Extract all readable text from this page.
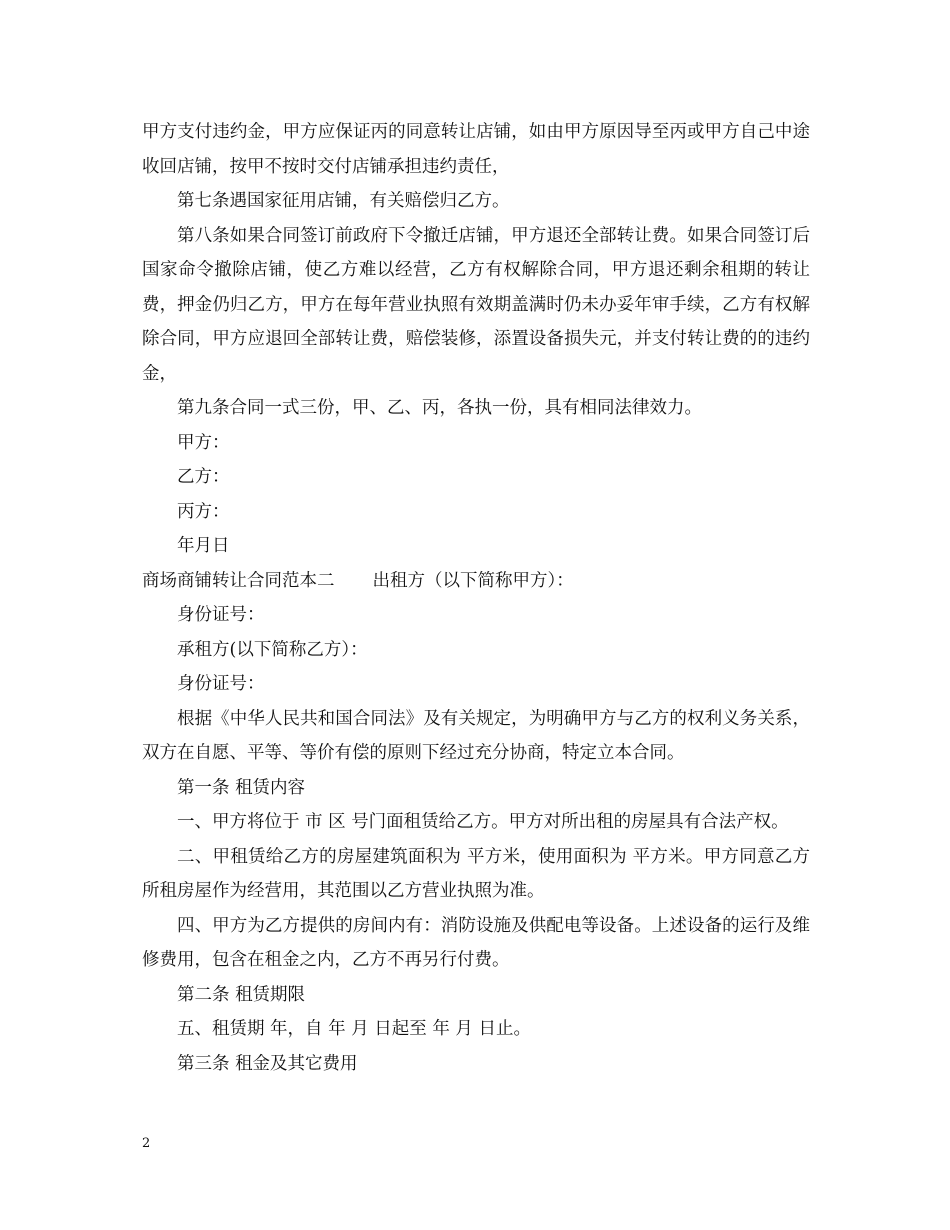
甲方支付违约金，甲方应保证丙的同意转让店铺，如由甲方原因导至丙或甲方自己中途收回店铺，按甲不按时交付店铺承担违约责任，

第七条遇国家征用店铺，有关赔偿归乙方。

第八条如果合同签订前政府下令撤迁店铺，甲方退还全部转让费。如果合同签订后国家命令撤除店铺，使乙方难以经营，乙方有权解除合同，甲方退还剩余租期的转让费，押金仍归乙方，甲方在每年营业执照有效期盖满时仍未办妥年审手续，乙方有权解除合同，甲方应退回全部转让费，赔偿装修，添置设备损失元，并支付转让费的的违约金，

第九条合同一式三份，甲、乙、丙，各执一份，具有相同法律效力。

甲方：

乙方：

丙方：

年月日

商场商铺转让合同范本二 出租方（以下简称甲方）：

身份证号：

承租方(以下简称乙方）：

身份证号：

根据《中华人民共和国合同法》及有关规定，为明确甲方与乙方的权利义务关系，双方在自愿、平等、等价有偿的原则下经过充分协商，特定立本合同。

第一条 租赁内容

一、甲方将位于 市 区 号门面租赁给乙方。甲方对所出租的房屋具有合法产权。

二、甲租赁给乙方的房屋建筑面积为 平方米，使用面积为 平方米。甲方同意乙方所租房屋作为经营用，其范围以乙方营业执照为准。

四、甲方为乙方提供的房间内有：消防设施及供配电等设备。上述设备的运行及维修费用，包含在租金之内，乙方不再另行付费。

第二条 租赁期限

五、租赁期 年，自 年 月 日起至 年 月 日止。

第三条 租金及其它费用

2
